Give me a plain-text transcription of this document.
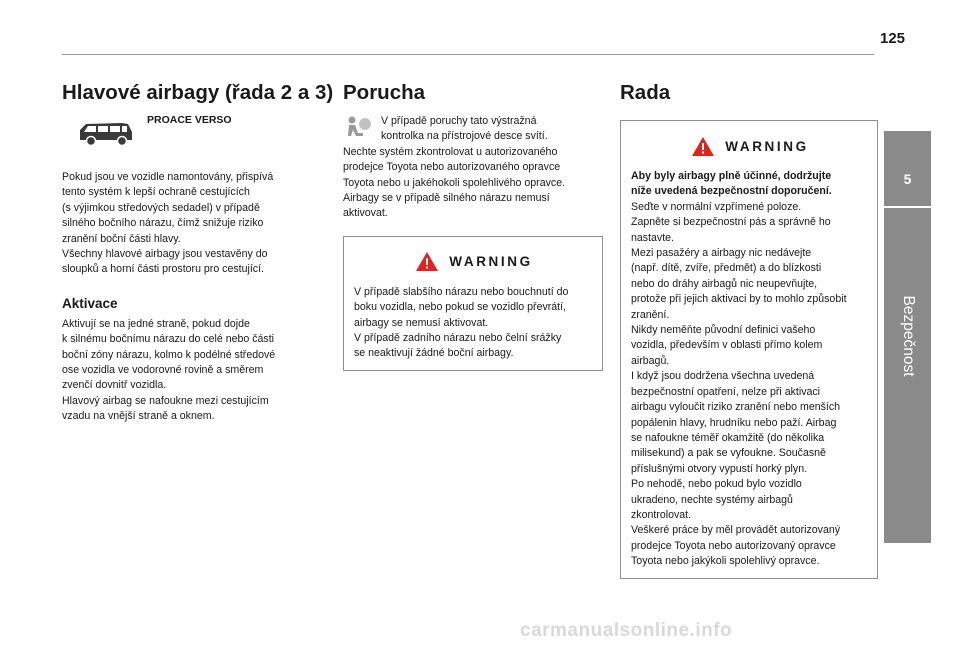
125
5
Bezpečnost
Hlavové airbagy (řada 2 a 3)
PROACE VERSO

Pokud jsou ve vozidle namontovány, přispívá
tento systém k lepší ochraně cestujících
(s výjimkou středových sedadel) v případě
silného bočního nárazu, čímž snižuje riziko
zranění boční části hlavy.
Všechny hlavové airbagy jsou vestavěny do
sloupků a horní části prostoru pro cestující.

Aktivace

Aktivují se na jedné straně, pokud dojde
k silnému bočnímu nárazu do celé nebo části
boční zóny nárazu, kolmo k podélné středové
ose vozidla ve vodorovné rovině a směrem
zvenčí dovnitř vozidla.
Hlavový airbag se nafoukne mezi cestujícím
vzadu na vnější straně a oknem.

Porucha
V případě poruchy tato výstražná
kontrolka na přístrojové desce svítí.

Nechte systém zkontrolovat u autorizovaného
prodejce Toyota nebo autorizovaného opravce
Toyota nebo u jakéhokoli spolehlivého opravce.
Airbagy se v případě silného nárazu nemusí
aktivovat.

WARNING

V případě slabšího nárazu nebo bouchnutí do
boku vozidla, nebo pokud se vozidlo převrátí,
airbagy se nemusí aktivovat.
V případě zadního nárazu nebo čelní srážky
se neaktivují žádné boční airbagy.

Rada
WARNING

Aby byly airbagy plně účinné, dodržujte
níže uvedená bezpečnostní doporučení.

Seďte v normální vzpřímené poloze.
Zapněte si bezpečnostní pás a správně ho
nastavte.
Mezi pasažéry a airbagy nic nedávejte
(např. dítě, zvíře, předmět) a do blízkosti
nebo do dráhy airbagů nic neupevňujte,
protože při jejich aktivaci by to mohlo způsobit
zranění.
Nikdy neměňte původní definici vašeho
vozidla, především v oblasti přímo kolem
airbagů.
I když jsou dodržena všechna uvedená
bezpečnostní opatření, nelze při aktivaci
airbagu vyloučit riziko zranění nebo menších
popálenin hlavy, hrudníku nebo paží. Airbag
se nafoukne téměř okamžitě (do několika
milisekund) a pak se vyfoukne. Současně
příslušnými otvory vypustí horký plyn.
Po nehodě, nebo pokud bylo vozidlo
ukradeno, nechte systémy airbagů
zkontrolovat.
Veškeré práce by měl provádět autorizovaný
prodejce Toyota nebo autorizovaný opravce
Toyota nebo jakýkoli spolehlivý opravce.

carmanualsonline.info
